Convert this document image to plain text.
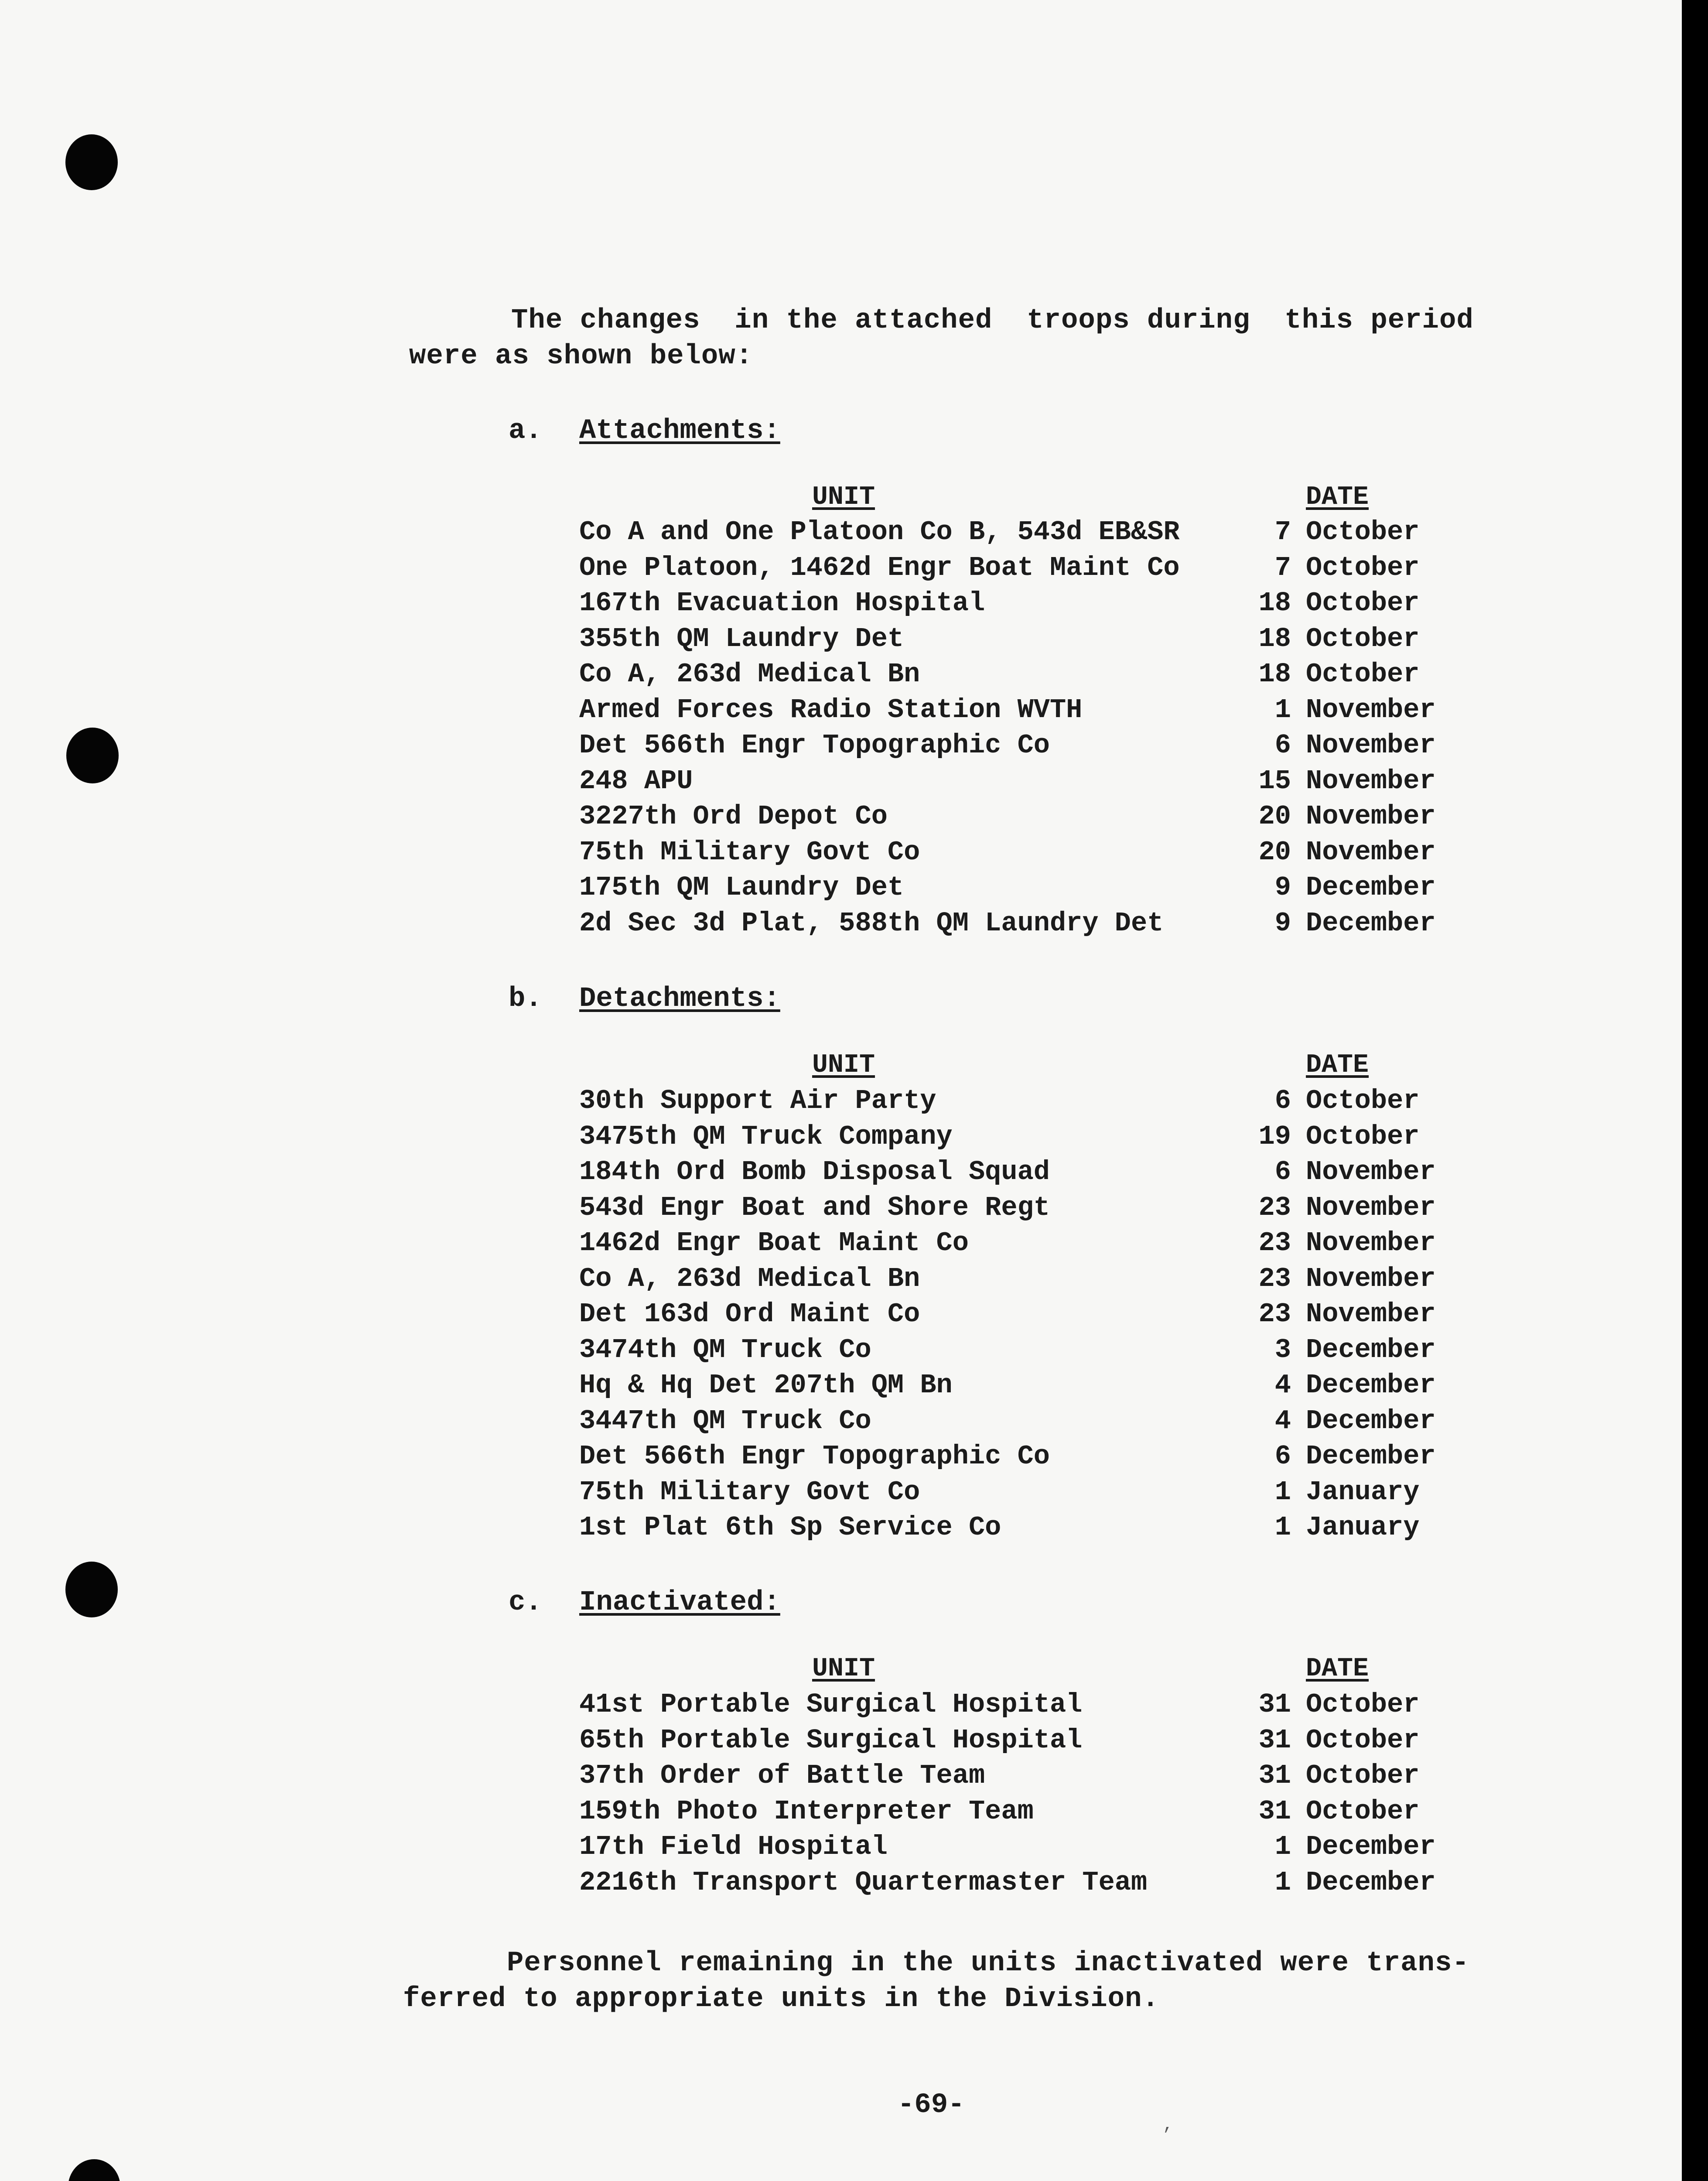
The changes  in the attached  troops during  this period
were as shown below:
a. Attachments:
UNIT	DATE
Co A and One Platoon Co B, 543d EB&SR	7 October
One Platoon, 1462d Engr Boat Maint Co	7 October
167th Evacuation Hospital	18 October
355th QM Laundry Det	18 October
Co A, 263d Medical Bn	18 October
Armed Forces Radio Station WVTH	1 November
Det 566th Engr Topographic Co	6 November
248 APU	15 November
3227th Ord Depot Co	20 November
75th Military Govt Co	20 November
175th QM Laundry Det	9 December
2d Sec 3d Plat, 588th QM Laundry Det	9 December
b. Detachments:
UNIT	DATE
30th Support Air Party	6 October
3475th QM Truck Company	19 October
184th Ord Bomb Disposal Squad	6 November
543d Engr Boat and Shore Regt	23 November
1462d Engr Boat Maint Co	23 November
Co A, 263d Medical Bn	23 November
Det 163d Ord Maint Co	23 November
3474th QM Truck Co	3 December
Hq & Hq Det 207th QM Bn	4 December
3447th QM Truck Co	4 December
Det 566th Engr Topographic Co	6 December
75th Military Govt Co	1 January
1st Plat 6th Sp Service Co	1 January
c. Inactivated:
UNIT	DATE
41st Portable Surgical Hospital	31 October
65th Portable Surgical Hospital	31 October
37th Order of Battle Team	31 October
159th Photo Interpreter Team	31 October
17th Field Hospital	1 December
2216th Transport Quartermaster Team	1 December
Personnel remaining in the units inactivated were trans-
ferred to appropriate units in the Division.
-69-
,
